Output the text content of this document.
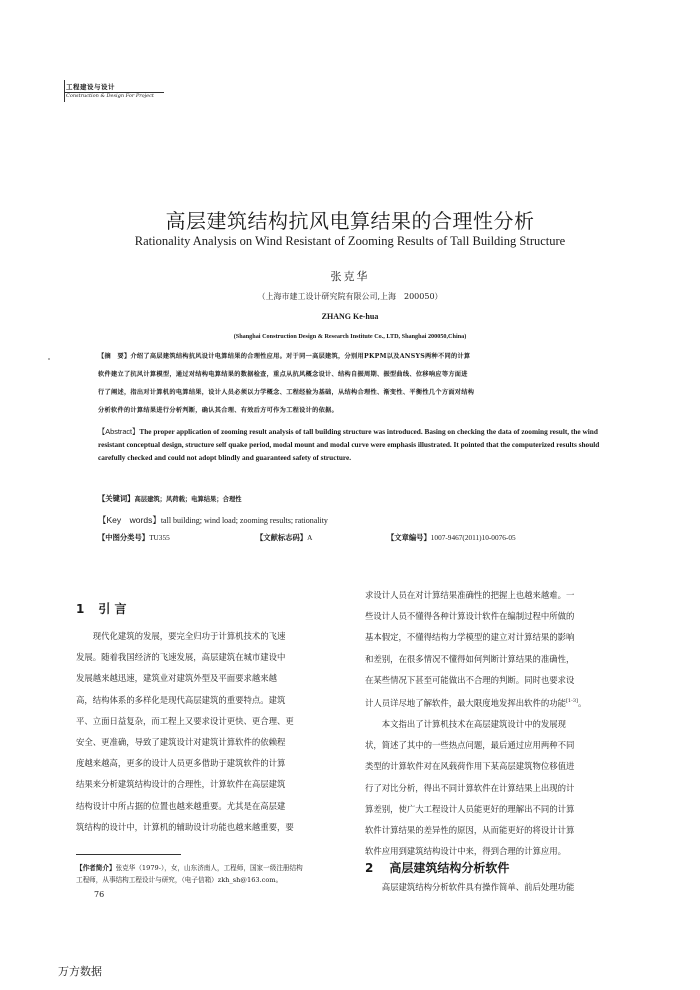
工程建设与设计
Construction & Design For Project
高层建筑结构抗风电算结果的合理性分析
Rationality Analysis on Wind Resistant of Zooming Results of Tall Building Structure
张克华
（上海市建工设计研究院有限公司,上海　200050）
ZHANG Ke-hua
(Shanghai Construction Design & Research Institute Co., LTD, Shanghai 200050,China)
【摘　要】介绍了高层建筑结构抗风设计电算结果的合理性应用。对于同一高层建筑，分别用PKPM以及ANSYS两种不同的计算
软件建立了抗风计算模型，通过对结构电算结果的数据检查，重点从抗风概念设计、结构自振周期、振型曲线、位移响应等方面进
行了阐述，指出对计算机的电算结果，设计人员必须以力学概念、工程经验为基础，从结构合理性、渐变性、平衡性几个方面对结构
分析软件的计算结果进行分析判断，确认其合理、有效后方可作为工程设计的依据。
【Abstract】The proper application of zooming result analysis of tall building structure was introduced. Basing on checking the data of zooming result, the wind resistant conceptual design, structure self quake period, modal mount and modal curve were emphasis illustrated. It pointed that the computerized results should carefully checked and could not adopt blindly and guaranteed safety of structure.
【关键词】高层建筑；风荷载；电算结果；合理性
【Key　words】tall building; wind load; zooming results; rationality
【中图分类号】TU355	【文献标志码】A	【文章编号】1007-9467(2011)10-0076-05
1 引 言
　　现代化建筑的发展，要完全归功于计算机技术的飞速
发展。随着我国经济的飞速发展，高层建筑在城市建设中
发展越来越迅速，建筑业对建筑外型及平面要求越来越
高，结构体系的多样化是现代高层建筑的重要特点。建筑
平、立面日益复杂，而工程上又要求设计更快、更合理、更
安全、更准确，导致了建筑设计对建筑计算软件的依赖程
度越来越高，更多的设计人员更多借助于建筑软件的计算
结果来分析建筑结构设计的合理性，计算软件在高层建筑
结构设计中所占据的位置也越来越重要。尤其是在高层建
筑结构的设计中，计算机的辅助设计功能也越来越重要，要
求设计人员在对计算结果准确性的把握上也越来越难。一
些设计人员不懂得各种计算设计软件在编制过程中所做的
基本假定，不懂得结构力学模型的建立对计算结果的影响
和差别，在很多情况不懂得如何判断计算结果的准确性，
在某些情况下甚至可能做出不合理的判断。同时也要求设
计人员详尽地了解软件，最大限度地发挥出软件的功能[1-3]。
　　本文指出了计算机技术在高层建筑设计中的发展现
状，简述了其中的一些热点问题，最后通过应用两种不同
类型的计算软件对在风载荷作用下某高层建筑物位移值进
行了对比分析，得出不同计算软件在计算结果上出现的计
算差别，使广大工程设计人员能更好的理解出不同的计算
软件计算结果的差异性的原因，从而能更好的将设计计算
软件应用到建筑结构设计中来，得到合理的计算应用。
2 高层建筑结构分析软件
　　高层建筑结构分析软件具有操作简单、前后处理功能
【作者简介】张克华（1979-），女，山东济南人，工程师，国家一级注册结构
工程师，从事结构工程设计与研究，（电子信箱）zkh_sh@163.com。
76
万方数据
